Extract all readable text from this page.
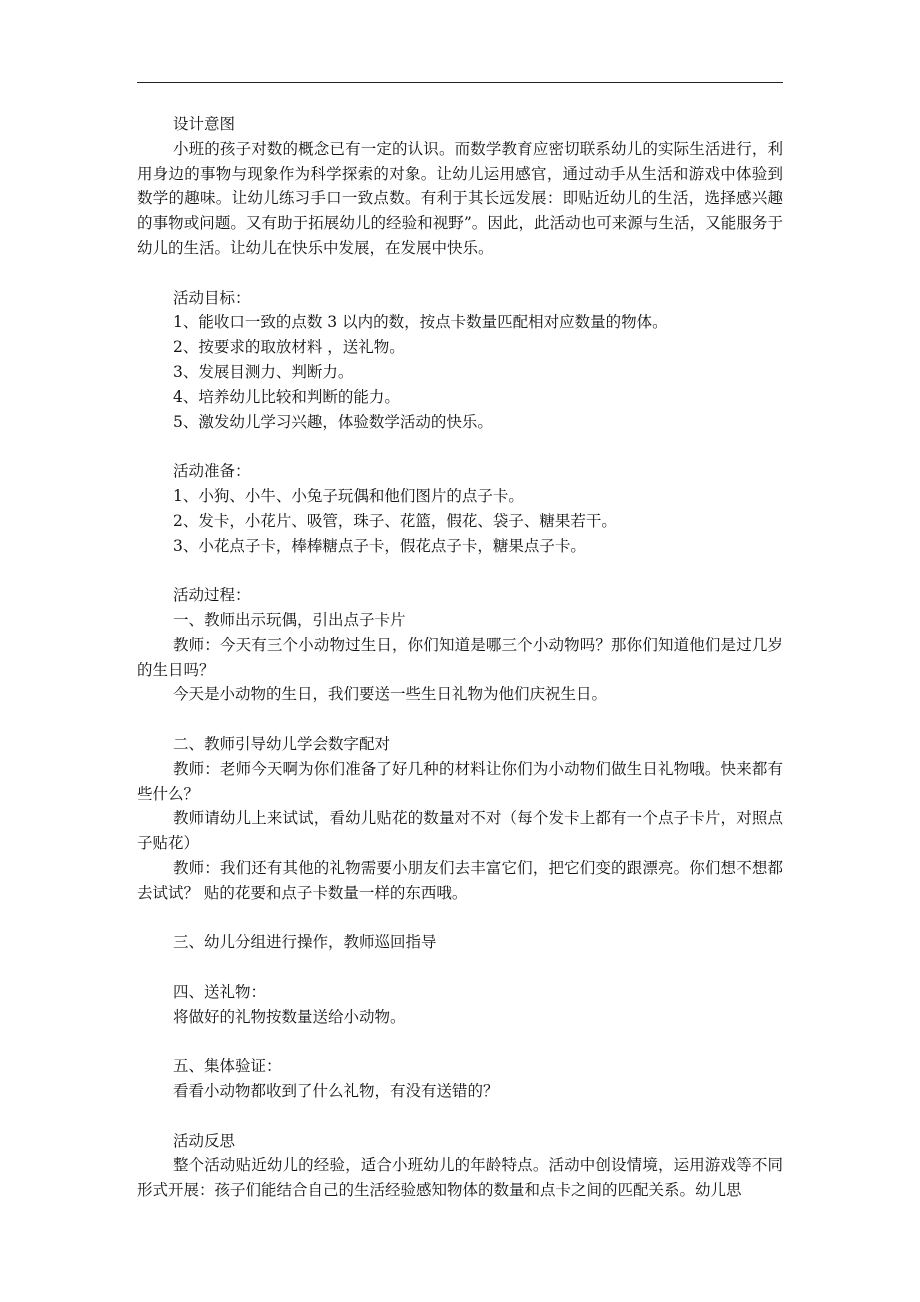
设计意图
小班的孩子对数的概念已有一定的认识。而数学教育应密切联系幼儿的实际生活进行，利用身边的事物与现象作为科学探索的对象。让幼儿运用感官，通过动手从生活和游戏中体验到数学的趣味。让幼儿练习手口一致点数。有利于其长远发展：即贴近幼儿的生活，选择感兴趣的事物或问题。又有助于拓展幼儿的经验和视野”。因此，此活动也可来源与生活，又能服务于幼儿的生活。让幼儿在快乐中发展，在发展中快乐。
活动目标：
1、能收口一致的点数 3 以内的数，按点卡数量匹配相对应数量的物体。
2、按要求的取放材料 ，送礼物。
3、发展目测力、判断力。
4、培养幼儿比较和判断的能力。
5、激发幼儿学习兴趣，体验数学活动的快乐。
活动准备：
1、小狗、小牛、小兔子玩偶和他们图片的点子卡。
2、发卡，小花片、吸管，珠子、花篮，假花、袋子、糖果若干。
3、小花点子卡，棒棒糖点子卡，假花点子卡，糖果点子卡。
活动过程：
一、教师出示玩偶，引出点子卡片
教师：今天有三个小动物过生日，你们知道是哪三个小动物吗？那你们知道他们是过几岁的生日吗？
今天是小动物的生日，我们要送一些生日礼物为他们庆祝生日。
二、教师引导幼儿学会数字配对
教师：老师今天啊为你们准备了好几种的材料让你们为小动物们做生日礼物哦。快来都有些什么？
教师请幼儿上来试试，看幼儿贴花的数量对不对（每个发卡上都有一个点子卡片，对照点子贴花）
教师：我们还有其他的礼物需要小朋友们去丰富它们，把它们变的跟漂亮。你们想不想都去试试？ 贴的花要和点子卡数量一样的东西哦。
三、幼儿分组进行操作，教师巡回指导
四、送礼物：
将做好的礼物按数量送给小动物。
五、集体验证：
看看小动物都收到了什么礼物，有没有送错的？
活动反思
整个活动贴近幼儿的经验，适合小班幼儿的年龄特点。活动中创设情境，运用游戏等不同形式开展：孩子们能结合自己的生活经验感知物体的数量和点卡之间的匹配关系。幼儿思
